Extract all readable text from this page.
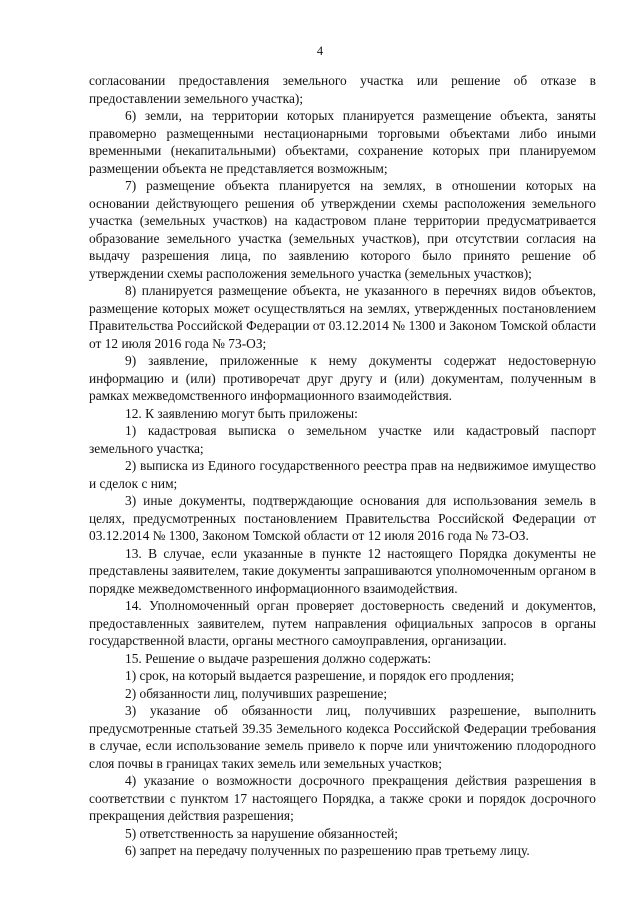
4

согласовании предоставления земельного участка или решение об отказе в предоставлении земельного участка);

6) земли, на территории которых планируется размещение объекта, заняты правомерно размещенными нестационарными торговыми объектами либо иными временными (некапитальными) объектами, сохранение которых при планируемом размещении объекта не представляется возможным;

7) размещение объекта планируется на землях, в отношении которых на основании действующего решения об утверждении схемы расположения земельного участка (земельных участков) на кадастровом плане территории предусматривается образование земельного участка (земельных участков), при отсутствии согласия на выдачу разрешения лица, по заявлению которого было принято решение об утверждении схемы расположения земельного участка (земельных участков);

8) планируется размещение объекта, не указанного в перечнях видов объектов, размещение которых может осуществляться на землях, утвержденных постановлением Правительства Российской Федерации от 03.12.2014 № 1300 и Законом Томской области от 12 июля 2016 года № 73-ОЗ;

9) заявление, приложенные к нему документы содержат недостоверную информацию и (или) противоречат друг другу и (или) документам, полученным в рамках межведомственного информационного взаимодействия.

12. К заявлению могут быть приложены:

1) кадастровая выписка о земельном участке или кадастровый паспорт земельного участка;

2) выписка из Единого государственного реестра прав на недвижимое имущество и сделок с ним;

3) иные документы, подтверждающие основания для использования земель в целях, предусмотренных постановлением Правительства Российской Федерации от 03.12.2014 № 1300, Законом Томской области от 12 июля 2016 года № 73-ОЗ.

13. В случае, если указанные в пункте 12 настоящего Порядка документы не представлены заявителем, такие документы запрашиваются уполномоченным органом в порядке межведомственного информационного взаимодействия.

14. Уполномоченный орган проверяет достоверность сведений и документов, предоставленных заявителем, путем направления официальных запросов в органы государственной власти, органы местного самоуправления, организации.

15. Решение о выдаче разрешения должно содержать:

1) срок, на который выдается разрешение, и порядок его продления;

2) обязанности лиц, получивших разрешение;

3) указание об обязанности лиц, получивших разрешение, выполнить предусмотренные статьей 39.35 Земельного кодекса Российской Федерации требования в случае, если использование земель привело к порче или уничтожению плодородного слоя почвы в границах таких земель или земельных участков;

4) указание о возможности досрочного прекращения действия разрешения в соответствии с пунктом 17 настоящего Порядка, а также сроки и порядок досрочного прекращения действия разрешения;

5) ответственность за нарушение обязанностей;

6) запрет на передачу полученных по разрешению прав третьему лицу.
